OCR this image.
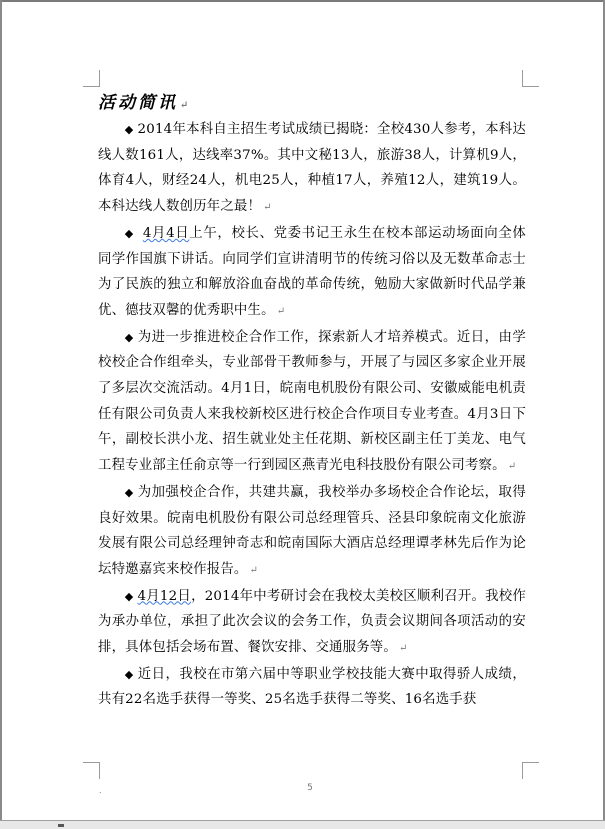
活动简讯 ↵

◆ 2014年本科自主招生考试成绩已揭晓：全校430人参考，本科达线人数161人，达线率37%。其中文秘13人，旅游38人，计算机9人，体育4人，财经24人，机电25人，种植17人，养殖12人，建筑19人。本科达线人数创历年之最！ ↵

◆ 4月4日上午，校长、党委书记王永生在校本部运动场面向全体同学作国旗下讲话。向同学们宣讲清明节的传统习俗以及无数革命志士为了民族的独立和解放浴血奋战的革命传统，勉励大家做新时代品学兼优、德技双馨的优秀职中生。 ↵

◆ 为进一步推进校企合作工作，探索新人才培养模式。近日，由学校校企合作组牵头，专业部骨干教师参与，开展了与园区多家企业开展了多层次交流活动。4月1日，皖南电机股份有限公司、安徽威能电机责任有限公司负责人来我校新校区进行校企合作项目专业考查。4月3日下午，副校长洪小龙、招生就业处主任花期、新校区副主任丁美龙、电气工程专业部主任俞京等一行到园区燕青光电科技股份有限公司考察。 ↵

◆ 为加强校企合作，共建共赢，我校举办多场校企合作论坛，取得良好效果。皖南电机股份有限公司总经理管兵、泾县印象皖南文化旅游发展有限公司总经理钟奇志和皖南国际大酒店总经理谭孝林先后作为论坛特邀嘉宾来校作报告。 ↵

◆ 4月12日，2014年中考研讨会在我校太美校区顺利召开。我校作为承办单位，承担了此次会议的会务工作，负责会议期间各项活动的安排，具体包括会场布置、餐饮安排、交通服务等。 ↵

◆ 近日，我校在市第六届中等职业学校技能大赛中取得骄人成绩，共有22名选手获得一等奖、25名选手获得二等奖、16名选手获

.	5
